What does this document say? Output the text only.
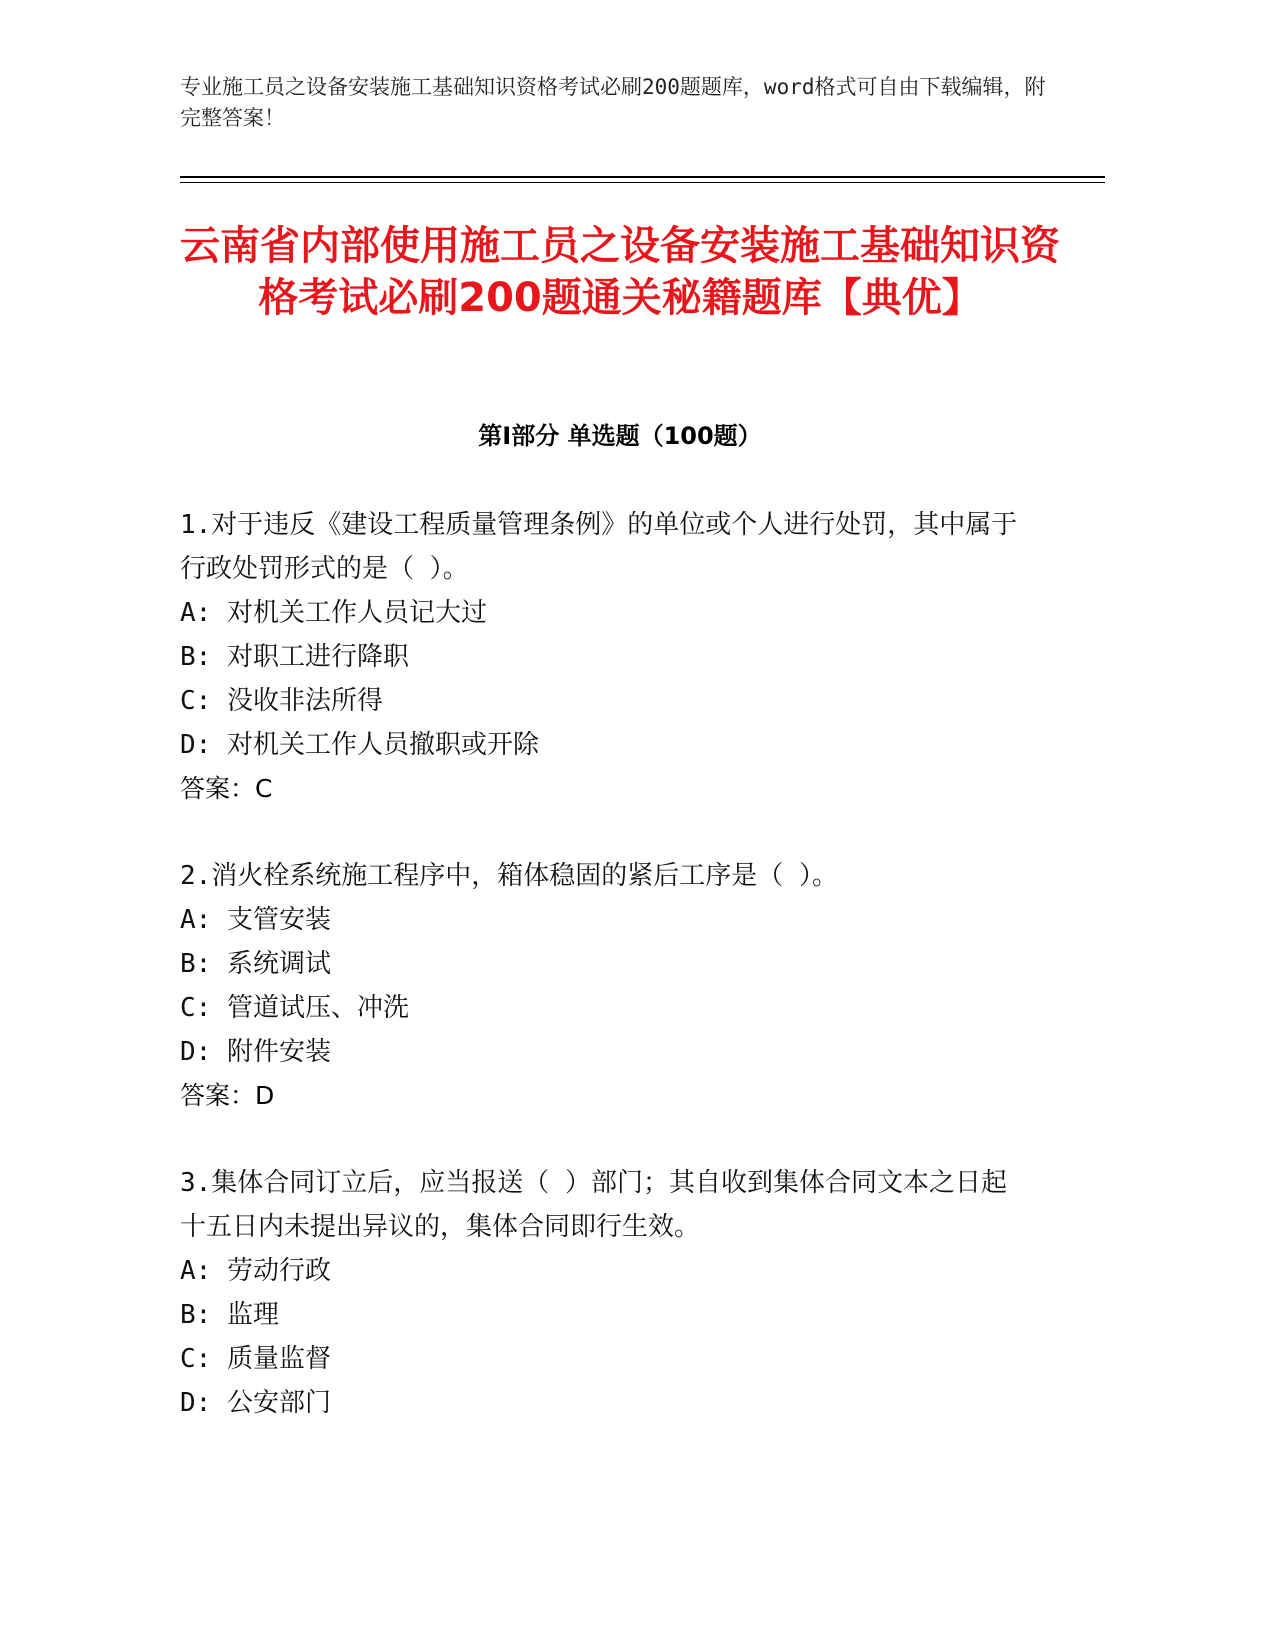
专业施工员之设备安装施工基础知识资格考试必刷200题题库，word格式可自由下载编辑，附完整答案！
云南省内部使用施工员之设备安装施工基础知识资格考试必刷200题通关秘籍题库【典优】
第Ⅰ部分 单选题（100题）
1.对于违反《建设工程质量管理条例》的单位或个人进行处罚，其中属于行政处罚形式的是（ ）。
A: 对机关工作人员记大过
B: 对职工进行降职
C: 没收非法所得
D: 对机关工作人员撤职或开除
答案：C
2.消火栓系统施工程序中，箱体稳固的紧后工序是（ ）。
A: 支管安装
B: 系统调试
C: 管道试压、冲洗
D: 附件安装
答案：D
3.集体合同订立后，应当报送（ ）部门；其自收到集体合同文本之日起十五日内未提出异议的，集体合同即行生效。
A: 劳动行政
B: 监理
C: 质量监督
D: 公安部门
